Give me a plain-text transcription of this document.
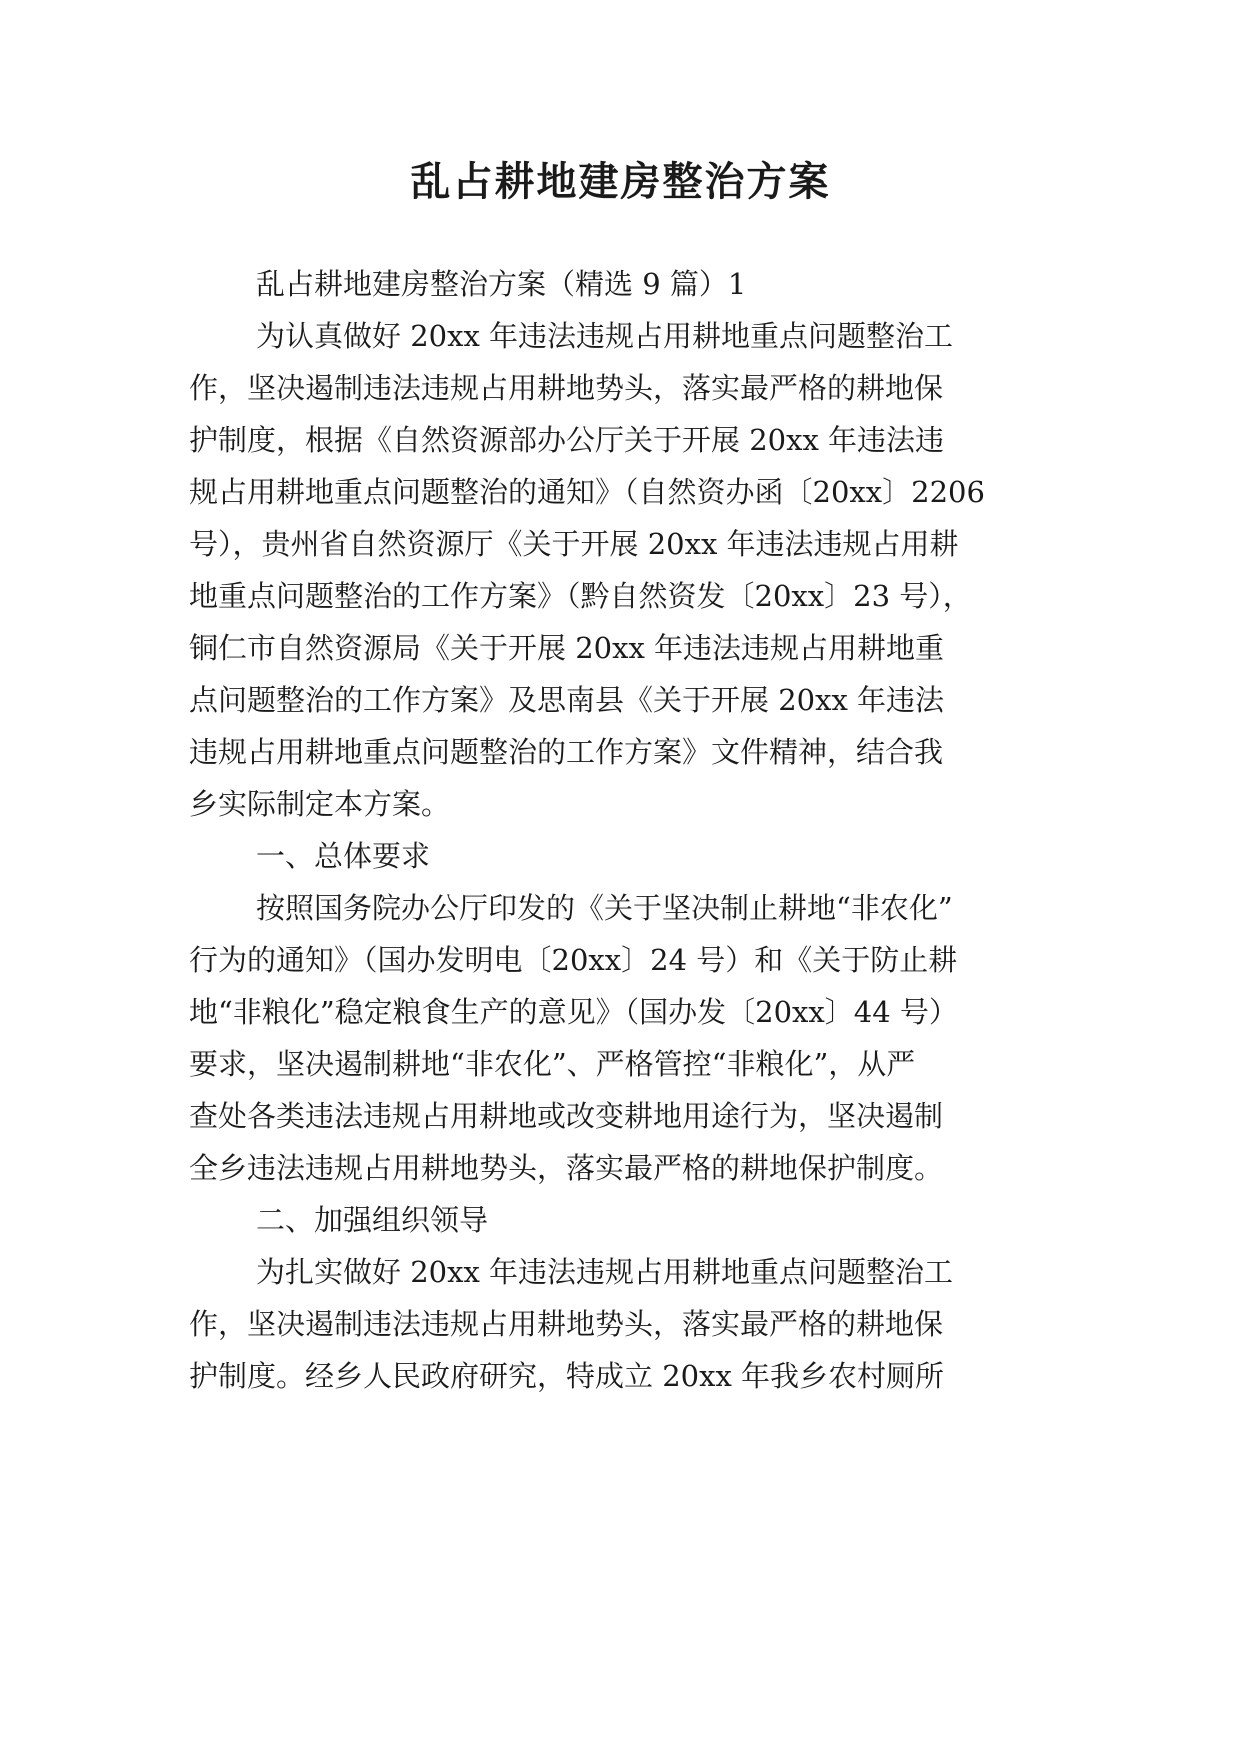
乱占耕地建房整治方案

乱占耕地建房整治方案（精选 9 篇）1

为认真做好 20xx 年违法违规占用耕地重点问题整治工

作，坚决遏制违法违规占用耕地势头，落实最严格的耕地保

护制度，根据《自然资源部办公厅关于开展 20xx 年违法违

规占用耕地重点问题整治的通知》（自然资办函〔20xx〕2206

号），贵州省自然资源厅《关于开展 20xx 年违法违规占用耕

地重点问题整治的工作方案》（黔自然资发〔20xx〕23 号），

铜仁市自然资源局《关于开展 20xx 年违法违规占用耕地重

点问题整治的工作方案》及思南县《关于开展 20xx 年违法

违规占用耕地重点问题整治的工作方案》文件精神，结合我

乡实际制定本方案。

一、总体要求

按照国务院办公厅印发的《关于坚决制止耕地“非农化”

行为的通知》（国办发明电〔20xx〕24 号）和《关于防止耕

地“非粮化”稳定粮食生产的意见》（国办发〔20xx〕44 号）

要求，坚决遏制耕地“非农化”、严格管控“非粮化”，从严

查处各类违法违规占用耕地或改变耕地用途行为，坚决遏制

全乡违法违规占用耕地势头，落实最严格的耕地保护制度。

二、加强组织领导

为扎实做好 20xx 年违法违规占用耕地重点问题整治工

作，坚决遏制违法违规占用耕地势头，落实最严格的耕地保

护制度。经乡人民政府研究，特成立 20xx 年我乡农村厕所
